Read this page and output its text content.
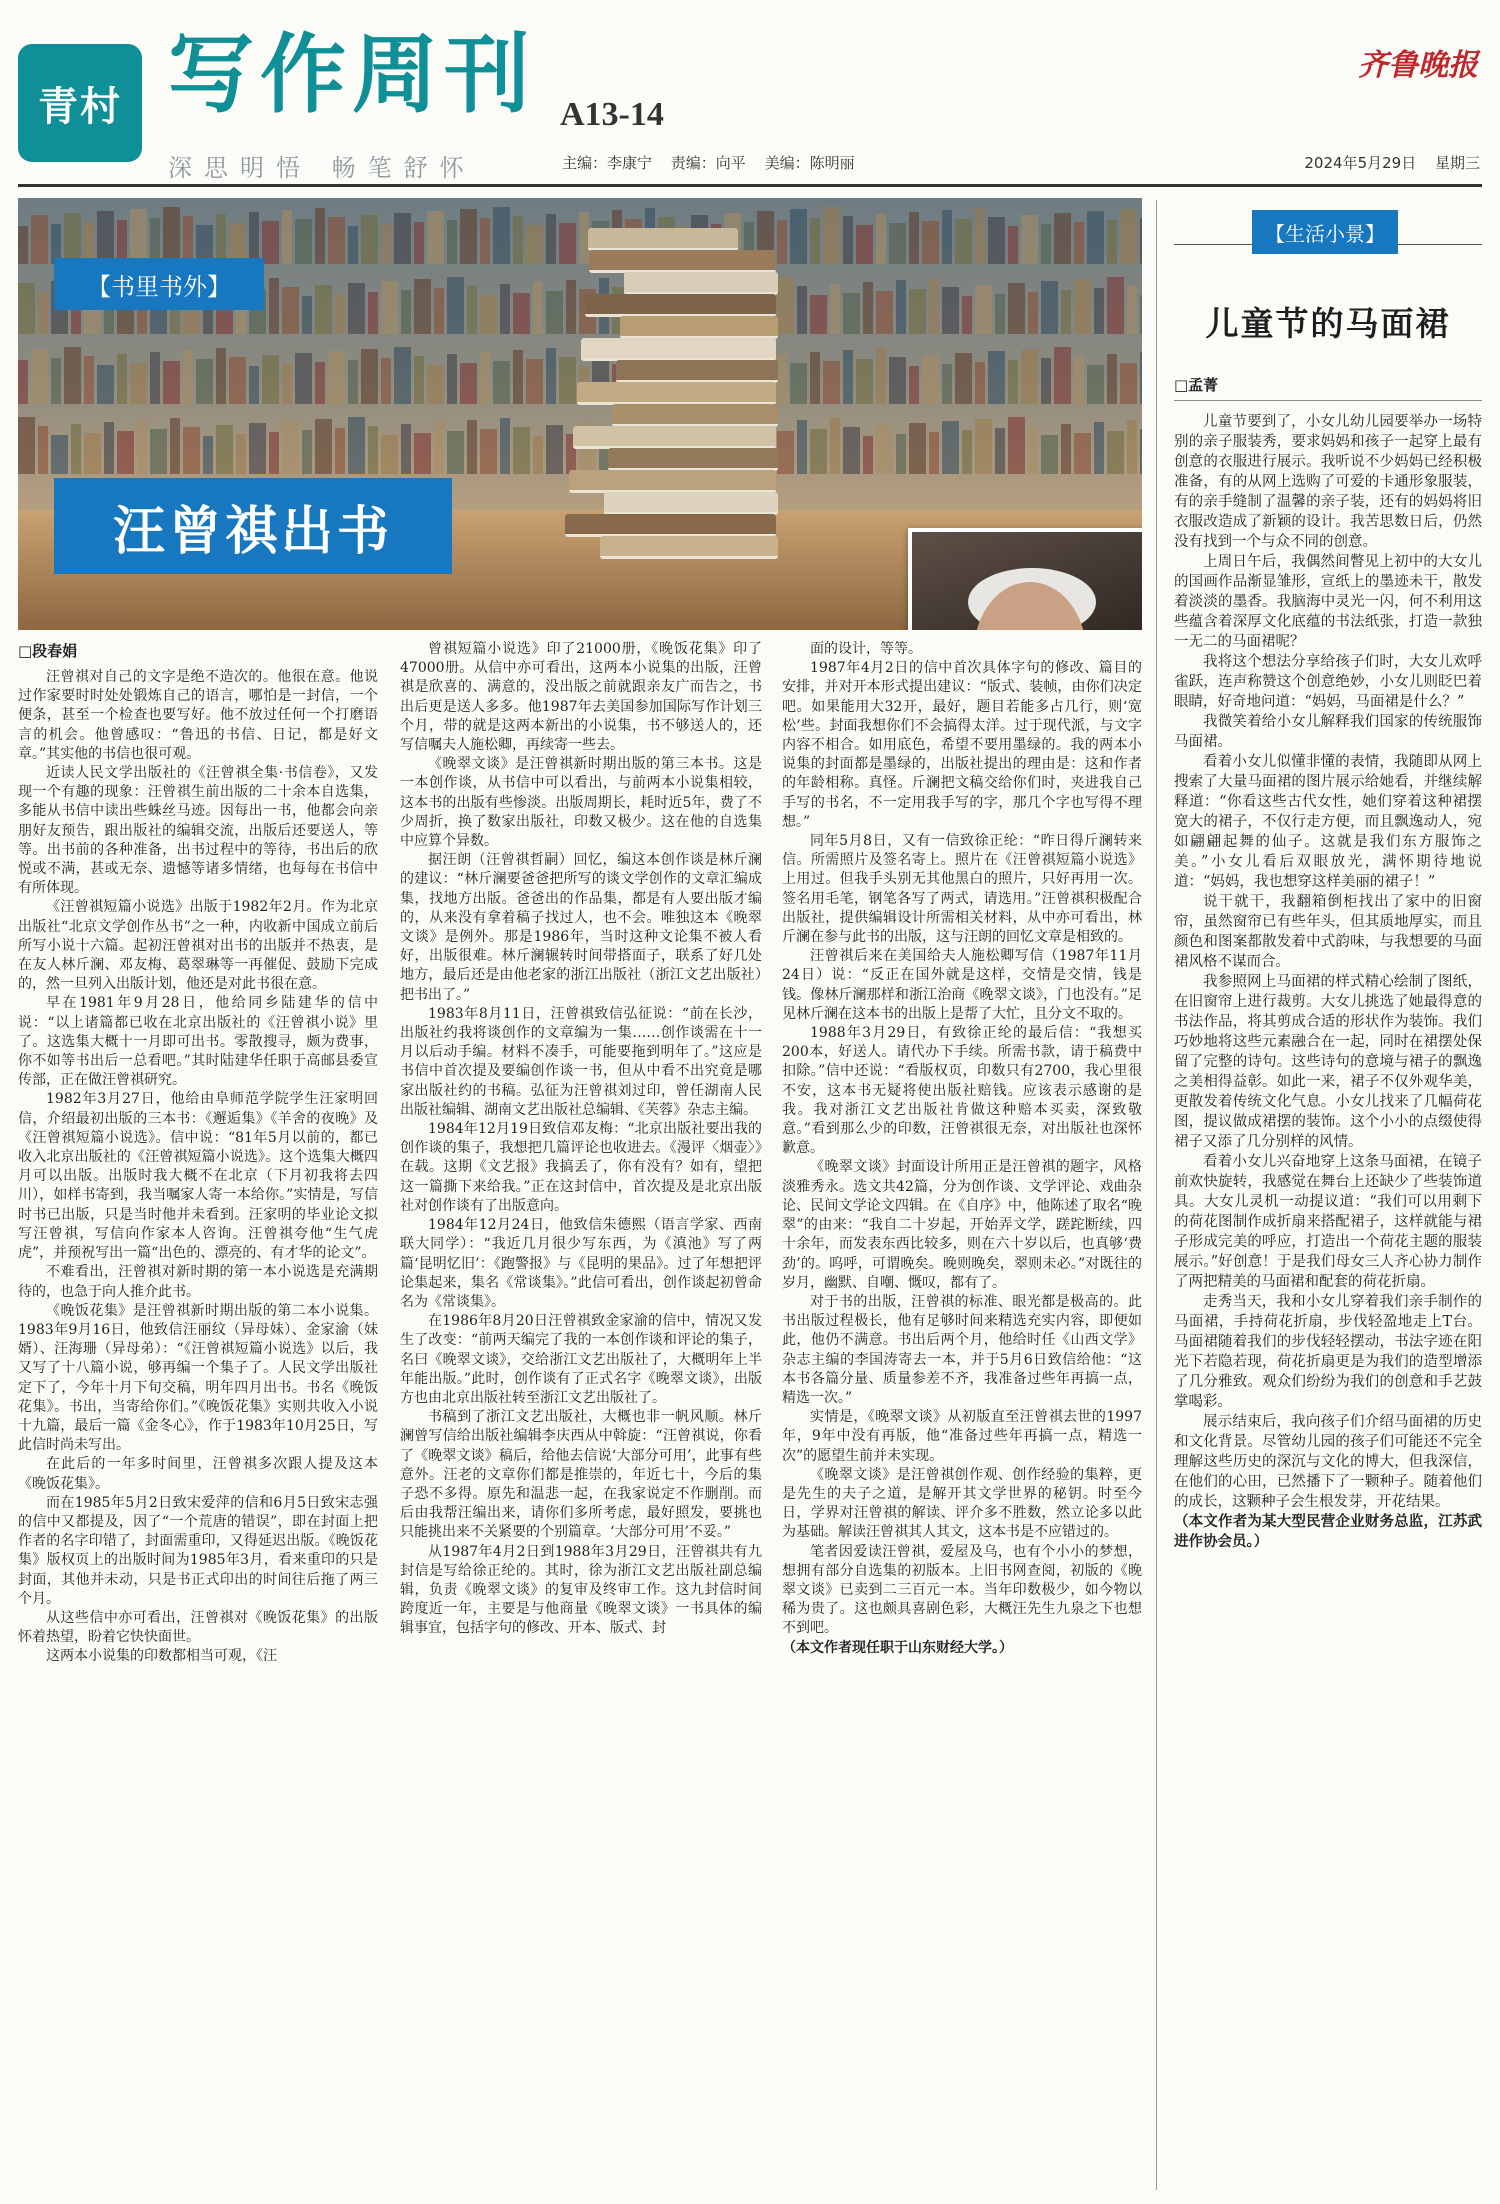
青村 写作周刊 A13-14
齐鲁晚报
深思明悟 畅笔舒怀	主编：李康宁 责编：向平 美编：陈明丽	2024年5月29日 星期三
【书里书外】
汪曾祺出书
□段春娟

汪曾祺对自己的文字是绝不造次的。他很在意。他说过作家要时时处处锻炼自己的语言，哪怕是一封信，一个便条，甚至一个检查也要写好。他不放过任何一个打磨语言的机会。他曾感叹：“鲁迅的书信、日记，都是好文章。”其实他的书信也很可观。

近读人民文学出版社的《汪曾祺全集·书信卷》，又发现一个有趣的现象：汪曾祺生前出版的二十余本自选集，多能从书信中读出些蛛丝马迹。因每出一书，他都会向亲朋好友预告，跟出版社的编辑交流，出版后还要送人，等等。出书前的各种准备，出书过程中的等待，书出后的欣悦或不满，甚或无奈、遗憾等诸多情绪，也每每在书信中有所体现。

《汪曾祺短篇小说选》出版于1982年2月。作为北京出版社“北京文学创作丛书”之一种，内收新中国成立前后所写小说十六篇。起初汪曾祺对出书的出版并不热衷，是在友人林斤澜、邓友梅、葛翠琳等一再催促、鼓励下完成的，然一旦列入出版计划，他还是对此书很在意。

早在1981年9月28日，他给同乡陆建华的信中说：“以上诸篇都已收在北京出版社的《汪曾祺小说》里了。这选集大概十一月即可出书。零散搜寻，颇为费事，你不如等书出后一总看吧。”其时陆建华任职于高邮县委宣传部，正在做汪曾祺研究。

1982年3月27日，他给由阜师范学院学生汪家明回信，介绍最初出版的三本书：《邂逅集》《羊舍的夜晚》及《汪曾祺短篇小说选》。信中说：“81年5月以前的，都已收入北京出版社的《汪曾祺短篇小说选》。这个选集大概四月可以出版。出版时我大概不在北京（下月初我将去四川），如样书寄到，我当嘱家人寄一本给你。”实情是，写信时书已出版，只是当时他并未看到。汪家明的毕业论文拟写汪曾祺，写信向作家本人咨询。汪曾祺夸他“生气虎虎”，并预祝写出一篇“出色的、漂亮的、有才华的论文”。

不难看出，汪曾祺对新时期的第一本小说选是充满期待的，也急于向人推介此书。

《晚饭花集》是汪曾祺新时期出版的第二本小说集。1983年9月16日，他致信汪丽纹（异母妹）、金家渝（妹婿）、汪海珊（异母弟）：“《汪曾祺短篇小说选》以后，我又写了十八篇小说，够再编一个集子了。人民文学出版社定下了，今年十月下旬交稿，明年四月出书。书名《晚饭花集》。书出，当寄给你们。”《晚饭花集》实则共收入小说十九篇，最后一篇《金冬心》，作于1983年10月25日，写此信时尚未写出。

在此后的一年多时间里，汪曾祺多次跟人提及这本《晚饭花集》。

而在1985年5月2日致宋爱萍的信和6月5日致宋志强的信中又都提及，因了“一个荒唐的错误”，即在封面上把作者的名字印错了，封面需重印，又得延迟出版。《晚饭花集》版权页上的出版时间为1985年3月，看来重印的只是封面，其他并未动，只是书正式印出的时间往后拖了两三个月。

从这些信中亦可看出，汪曾祺对《晚饭花集》的出版怀着热望，盼着它快快面世。

这两本小说集的印数都相当可观，《汪

曾祺短篇小说选》印了21000册，《晚饭花集》印了47000册。从信中亦可看出，这两本小说集的出版，汪曾祺是欣喜的、满意的，没出版之前就跟亲友广而告之，书出后更是送人多多。他1987年去美国参加国际写作计划三个月，带的就是这两本新出的小说集，书不够送人的，还写信嘱夫人施松卿，再续寄一些去。

《晚翠文谈》是汪曾祺新时期出版的第三本书。这是一本创作谈，从书信中可以看出，与前两本小说集相较，这本书的出版有些惨淡。出版周期长，耗时近5年，费了不少周折，换了数家出版社，印数又极少。这在他的自选集中应算个异数。

据汪朗（汪曾祺哲嗣）回忆，编这本创作谈是林斤澜的建议：“林斤澜要爸爸把所写的谈文学创作的文章汇编成集，找地方出版。爸爸出的作品集，都是有人要出版才编的，从来没有拿着稿子找过人，也不会。唯独这本《晚翠文谈》是例外。那是1986年，当时这种文论集不被人看好，出版很难。林斤澜辗转时间带搭面子，联系了好几处地方，最后还是由他老家的浙江出版社（浙江文艺出版社）把书出了。”

1983年8月11日，汪曾祺致信弘征说：“前在长沙，出版社约我将谈创作的文章编为一集……创作谈需在十一月以后动手编。材料不凑手，可能要拖到明年了。”这应是书信中首次提及要编创作谈一书，但从中看不出究竟是哪家出版社约的书稿。弘征为汪曾祺刘过印，曾任湖南人民出版社编辑、湖南文艺出版社总编辑、《芙蓉》杂志主编。

1984年12月19日致信邓友梅：“北京出版社要出我的创作谈的集子，我想把几篇评论也收进去。《漫评〈烟壶〉》在载。这期《文艺报》我搞丢了，你有没有？如有，望把这一篇撕下来给我。”正在这封信中，首次提及是北京出版社对创作谈有了出版意向。

1984年12月24日，他致信朱德熙（语言学家、西南联大同学）：“我近几月很少写东西，为《滇池》写了两篇‘昆明忆旧’：《跑警报》与《昆明的果品》。过了年想把评论集起来，集名《常谈集》。”此信可看出，创作谈起初曾命名为《常谈集》。

在1986年8月20日汪曾祺致金家渝的信中，情况又发生了改变：“前两天编完了我的一本创作谈和评论的集子，名曰《晚翠文谈》，交给浙江文艺出版社了，大概明年上半年能出版。”此时，创作谈有了正式名字《晚翠文谈》，出版方也由北京出版社转至浙江文艺出版社了。

书稿到了浙江文艺出版社，大概也非一帆风顺。林斤澜曾写信给出版社编辑李庆西从中斡旋：“汪曾祺说，你看了《晚翠文谈》稿后，给他去信说‘大部分可用’，此事有些意外。汪老的文章你们都是推崇的，年近七十，今后的集子恐不多得。原先和温悲一起，在我家说定不作删削。而后由我帮汪编出来，请你们多所考虑，最好照发，要挑也只能挑出来不关紧要的个别篇章。‘大部分可用’不妥。”

从1987年4月2日到1988年3月29日，汪曾祺共有九封信是写给徐正纶的。其时，徐为浙江文艺出版社副总编辑，负责《晚翠文谈》的复审及终审工作。这九封信时间跨度近一年，主要是与他商量《晚翠文谈》一书具体的编辑事宜，包括字句的修改、开本、版式、封

面的设计，等等。

1987年4月2日的信中首次具体字句的修改、篇目的安排，并对开本形式提出建议：“版式、装帧，由你们决定吧。如果能用大32开，最好，题目若能多占几行，则‘宽松’些。封面我想你们不会搞得太洋。过于现代派，与文字内容不相合。如用底色，希望不要用墨绿的。我的两本小说集的封面都是墨绿的，出版社提出的理由是：这和作者的年龄相称。真怪。斤澜把文稿交给你们时，夹进我自己手写的书名，不一定用我手写的字，那几个字也写得不理想。”

同年5月8日，又有一信致徐正纶：“昨日得斤澜转来信。所需照片及签名寄上。照片在《汪曾祺短篇小说选》上用过。但我手头别无其他黑白的照片，只好再用一次。签名用毛笔，钢笔各写了两式，请选用。”汪曾祺积极配合出版社，提供编辑设计所需相关材料，从中亦可看出，林斤澜在参与此书的出版，这与汪朗的回忆文章是相致的。

汪曾祺后来在美国给夫人施松卿写信（1987年11月24日）说：“反正在国外就是这样，交情是交情，钱是钱。像林斤澜那样和浙江治商《晚翠文谈》，门也没有。”足见林斤澜在这本书的出版上是帮了大忙，且分文不取的。

1988年3月29日，有致徐正纶的最后信：“我想买200本，好送人。请代办下手续。所需书款，请于稿费中扣除。”信中还说：“看版权页，印数只有2700，我心里很不安，这本书无疑将使出版社赔钱。应该表示感谢的是我。我对浙江文艺出版社肯做这种赔本买卖，深致敬意。”看到那么少的印数，汪曾祺很无奈，对出版社也深怀歉意。

《晚翠文谈》封面设计所用正是汪曾祺的题字，风格淡雅秀永。选文共42篇，分为创作谈、文学评论、戏曲杂论、民间文学论文四辑。在《自序》中，他陈述了取名“晚翠”的由来：“我自二十岁起，开始弄文学，蹉跎断续，四十余年，而发表东西比较多，则在六十岁以后，也真够‘费劲’的。呜呼，可谓晚矣。晚则晚矣，翠则未必。”对既往的岁月，幽默、自嘲、慨叹，都有了。

对于书的出版，汪曾祺的标准、眼光都是极高的。此书出版过程极长，他有足够时间来精选充实内容，即便如此，他仍不满意。书出后两个月，他给时任《山西文学》杂志主编的李国涛寄去一本，并于5月6日致信给他：“这本书各篇分量、质量参差不齐，我准备过些年再搞一点，精选一次。”

实情是，《晚翠文谈》从初版直至汪曾祺去世的1997年，9年中没有再版，他“准备过些年再搞一点，精选一次”的愿望生前并未实现。

《晚翠文谈》是汪曾祺创作观、创作经验的集粹，更是先生的夫子之道，是解开其文学世界的秘钥。时至今日，学界对汪曾祺的解读、评介多不胜数，然立论多以此为基础。解读汪曾祺其人其文，这本书是不应错过的。

笔者因爱读汪曾祺，爱屋及乌，也有个小小的梦想，想拥有部分自选集的初版本。上旧书网查阅，初版的《晚翠文谈》已卖到二三百元一本。当年印数极少，如今物以稀为贵了。这也颇具喜剧色彩，大概汪先生九泉之下也想不到吧。

（本文作者现任职于山东财经大学。）

【生活小景】
儿童节的马面裙
□孟菁

儿童节要到了，小女儿幼儿园要举办一场特别的亲子服装秀，要求妈妈和孩子一起穿上最有创意的衣服进行展示。我听说不少妈妈已经积极准备，有的从网上选购了可爱的卡通形象服装，有的亲手缝制了温馨的亲子装，还有的妈妈将旧衣服改造成了新颖的设计。我苦思数日后，仍然没有找到一个与众不同的创意。

上周日午后，我偶然间瞥见上初中的大女儿的国画作品渐显雏形，宣纸上的墨迹未干，散发着淡淡的墨香。我脑海中灵光一闪，何不利用这些蕴含着深厚文化底蕴的书法纸张，打造一款独一无二的马面裙呢？

我将这个想法分享给孩子们时，大女儿欢呼雀跃，连声称赞这个创意绝妙，小女儿则眨巴着眼睛，好奇地问道：“妈妈，马面裙是什么？”

我微笑着给小女儿解释我们国家的传统服饰马面裙。

看着小女儿似懂非懂的表情，我随即从网上搜索了大量马面裙的图片展示给她看，并继续解释道：“你看这些古代女性，她们穿着这种裙摆宽大的裙子，不仅行走方便，而且飘逸动人，宛如翩翩起舞的仙子。这就是我们东方服饰之美。”小女儿看后双眼放光，满怀期待地说道：“妈妈，我也想穿这样美丽的裙子！”

说干就干，我翻箱倒柜找出了家中的旧窗帘，虽然窗帘已有些年头，但其质地厚实，而且颜色和图案都散发着中式韵味，与我想要的马面裙风格不谋而合。

我参照网上马面裙的样式精心绘制了图纸，在旧窗帘上进行裁剪。大女儿挑选了她最得意的书法作品，将其剪成合适的形状作为装饰。我们巧妙地将这些元素融合在一起，同时在裙摆处保留了完整的诗句。这些诗句的意境与裙子的飘逸之美相得益彰。如此一来，裙子不仅外观华美，更散发着传统文化气息。小女儿找来了几幅荷花图，提议做成裙摆的装饰。这个小小的点缀使得裙子又添了几分别样的风情。

看着小女儿兴奋地穿上这条马面裙，在镜子前欢快旋转，我感觉在舞台上还缺少了些装饰道具。大女儿灵机一动提议道：“我们可以用剩下的荷花图制作成折扇来搭配裙子，这样就能与裙子形成完美的呼应，打造出一个荷花主题的服装展示。”好创意！于是我们母女三人齐心协力制作了两把精美的马面裙和配套的荷花折扇。

走秀当天，我和小女儿穿着我们亲手制作的马面裙，手持荷花折扇，步伐轻盈地走上T台。马面裙随着我们的步伐轻轻摆动，书法字迹在阳光下若隐若现，荷花折扇更是为我们的造型增添了几分雅致。观众们纷纷为我们的创意和手艺鼓掌喝彩。

展示结束后，我向孩子们介绍马面裙的历史和文化背景。尽管幼儿园的孩子们可能还不完全理解这些历史的深沉与文化的博大，但我深信，在他们的心田，已然播下了一颗种子。随着他们的成长，这颗种子会生根发芽，开花结果。

（本文作者为某大型民营企业财务总监，江苏武进作协会员。）
